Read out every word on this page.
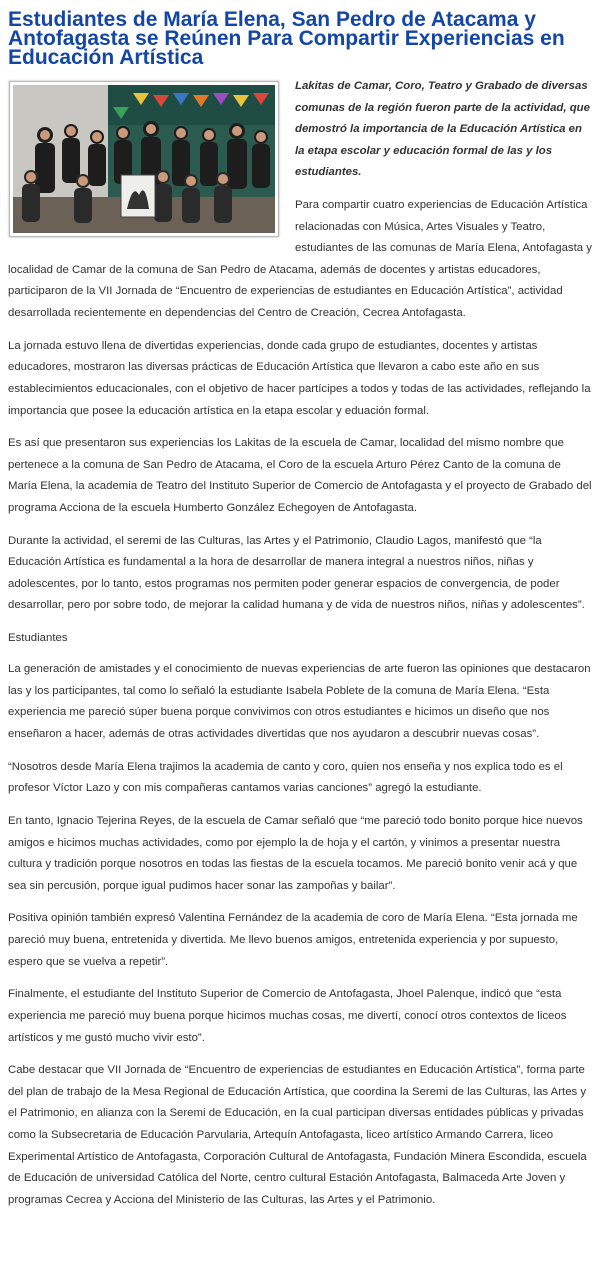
Estudiantes de María Elena, San Pedro de Atacama y Antofagasta se Reúnen Para Compartir Experiencias en Educación Artística

Lakitas de Camar, Coro, Teatro y Grabado de diversas comunas de la región fueron parte de la actividad, que demostró la importancia de la Educación Artística en la etapa escolar y educación formal de las y los estudiantes.

Para compartir cuatro experiencias de Educación Artística relacionadas con Música, Artes Visuales y Teatro, estudiantes de las comunas de María Elena, Antofagasta y localidad de Camar de la comuna de San Pedro de Atacama, además de docentes y artistas educadores, participaron de la VII Jornada de “Encuentro de experiencias de estudiantes en Educación Artística”, actividad desarrollada recientemente en dependencias del Centro de Creación, Cecrea Antofagasta.

La jornada estuvo llena de divertidas experiencias, donde cada grupo de estudiantes, docentes y artistas educadores, mostraron las diversas prácticas de Educación Artística que llevaron a cabo este año en sus establecimientos educacionales, con el objetivo de hacer partícipes a todos y todas de las actividades, reflejando la importancia que posee la educación artística en la etapa escolar y eduación formal.

Es así que presentaron sus experiencias los Lakitas de la escuela de Camar, localidad del mismo nombre que pertenece a la comuna de San Pedro de Atacama, el Coro de la escuela Arturo Pérez Canto de la comuna de María Elena, la academia de Teatro del Instituto Superior de Comercio de Antofagasta y el proyecto de Grabado del programa Acciona de la escuela Humberto González Echegoyen de Antofagasta.

Durante la actividad, el seremi de las Culturas, las Artes y el Patrimonio, Claudio Lagos, manifestó que “la Educación Artística es fundamental a la hora de desarrollar de manera integral a nuestros niños, niñas y adolescentes, por lo tanto, estos programas nos permiten poder generar espacios de convergencia, de poder desarrollar, pero por sobre todo, de mejorar la calidad humana y de vida de nuestros niños, niñas y adolescentes”.

Estudiantes

La generación de amistades y el conocimiento de nuevas experiencias de arte fueron las opiniones que destacaron las y los participantes, tal como lo señaló la estudiante Isabela Poblete de la comuna de María Elena. “Esta experiencia me pareció súper buena porque convivimos con otros estudiantes e hicimos un diseño que nos enseñaron a hacer, además de otras actividades divertidas que nos ayudaron a descubrir nuevas cosas”.

“Nosotros desde María Elena trajimos la academia de canto y coro, quien nos enseña y nos explica todo es el profesor Víctor Lazo y con mis compañeras cantamos varias canciones” agregó la estudiante.

En tanto, Ignacio Tejerina Reyes, de la escuela de Camar señaló que “me pareció todo bonito porque hice nuevos amigos e hicimos muchas actividades, como por ejemplo la de hoja y el cartón, y vinimos a presentar nuestra cultura y tradición porque nosotros en todas las fiestas de la escuela tocamos. Me pareció bonito venir acá y que sea sin percusión, porque igual pudimos hacer sonar las zampoñas y bailar”.

Positiva opinión también expresó Valentina Fernández de la academia de coro de María Elena. “Esta jornada me pareció muy buena, entretenida y divertida. Me llevo buenos amigos, entretenida experiencia y por supuesto, espero que se vuelva a repetir”.

Finalmente, el estudiante del Instituto Superior de Comercio de Antofagasta, Jhoel Palenque, indicó que “esta experiencia me pareció muy buena porque hicimos muchas cosas, me divertí, conocí otros contextos de liceos artísticos y me gustó mucho vivir esto”.

Cabe destacar que VII Jornada de “Encuentro de experiencias de estudiantes en Educación Artística”, forma parte del plan de trabajo de la Mesa Regional de Educación Artística, que coordina la Seremi de las Culturas, las Artes y el Patrimonio, en alianza con la Seremi de Educación, en la cual participan diversas entidades públicas y privadas como la Subsecretaria de Educación Parvularia, Artequín Antofagasta, liceo artístico Armando Carrera, liceo Experimental Artístico de Antofagasta, Corporación Cultural de Antofagasta, Fundación Minera Escondida, escuela de Educación de universidad Católica del Norte, centro cultural Estación Antofagasta, Balmaceda Arte Joven y programas Cecrea y Acciona del Ministerio de las Culturas, las Artes y el Patrimonio.
